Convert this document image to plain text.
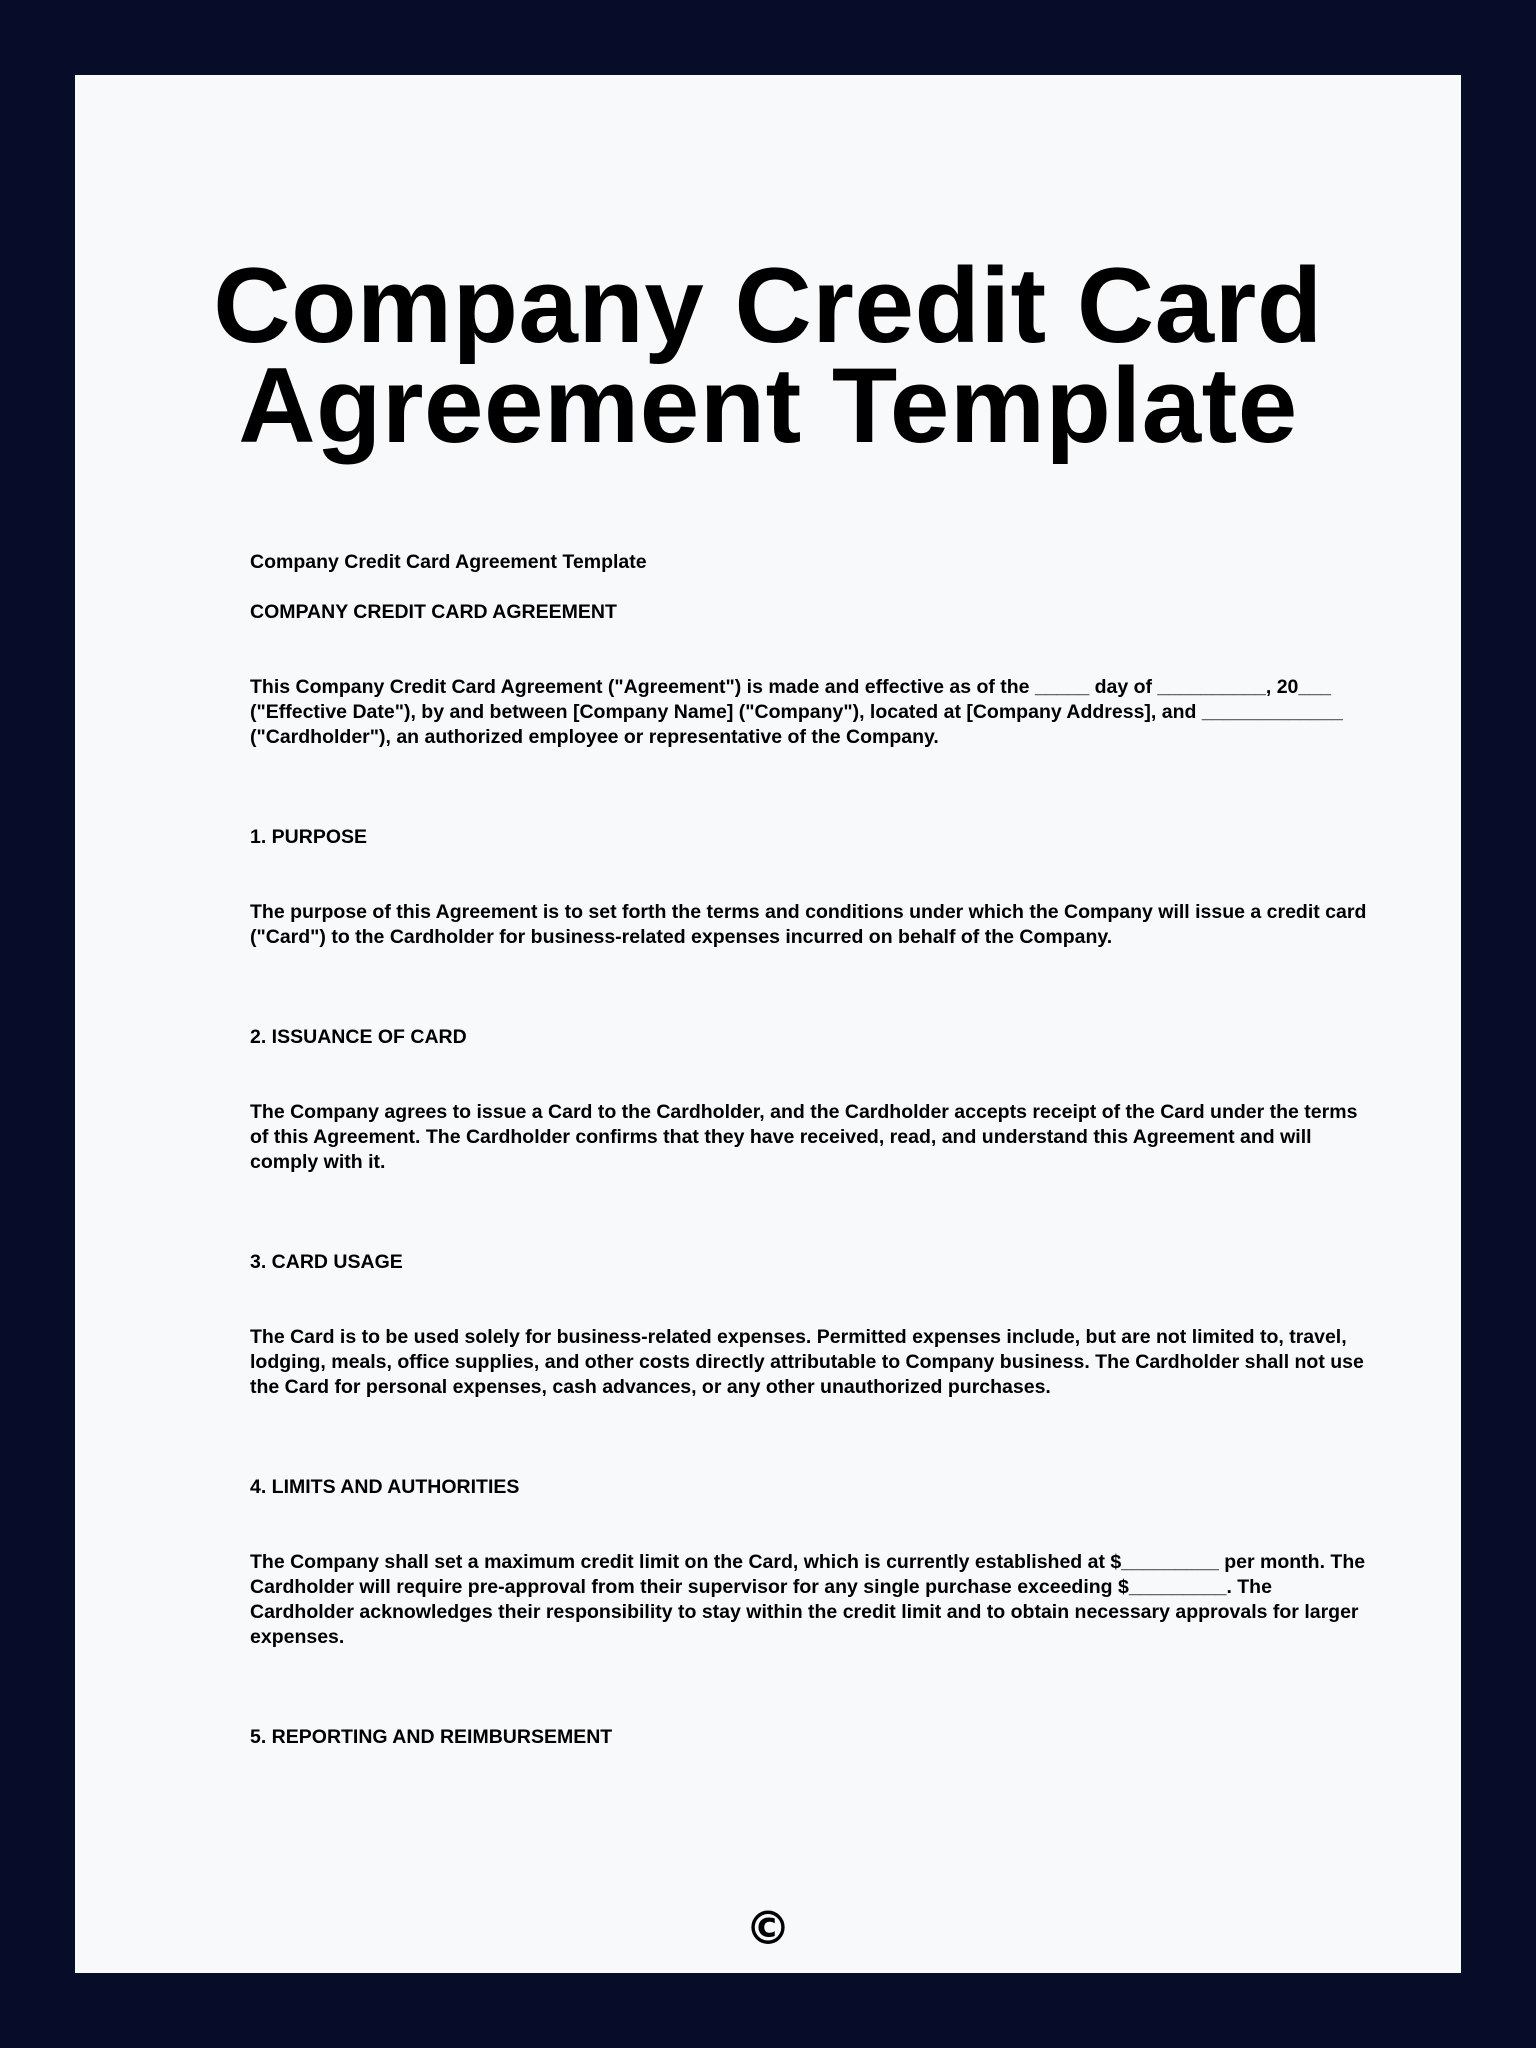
Company Credit Card
Agreement Template

Company Credit Card Agreement Template

COMPANY CREDIT CARD AGREEMENT

This Company Credit Card Agreement ("Agreement") is made and effective as of the _____ day of __________, 20___ ("Effective Date"), by and between [Company Name] ("Company"), located at [Company Address], and _____________ ("Cardholder"), an authorized employee or representative of the Company.

1. PURPOSE

The purpose of this Agreement is to set forth the terms and conditions under which the Company will issue a credit card ("Card") to the Cardholder for business-related expenses incurred on behalf of the Company.

2. ISSUANCE OF CARD

The Company agrees to issue a Card to the Cardholder, and the Cardholder accepts receipt of the Card under the terms of this Agreement. The Cardholder confirms that they have received, read, and understand this Agreement and will comply with it.

3. CARD USAGE

The Card is to be used solely for business-related expenses. Permitted expenses include, but are not limited to, travel, lodging, meals, office supplies, and other costs directly attributable to Company business. The Cardholder shall not use the Card for personal expenses, cash advances, or any other unauthorized purchases.

4. LIMITS AND AUTHORITIES

The Company shall set a maximum credit limit on the Card, which is currently established at $_________ per month. The Cardholder will require pre-approval from their supervisor for any single purchase exceeding $_________. The Cardholder acknowledges their responsibility to stay within the credit limit and to obtain necessary approvals for larger expenses.

5. REPORTING AND REIMBURSEMENT

©
